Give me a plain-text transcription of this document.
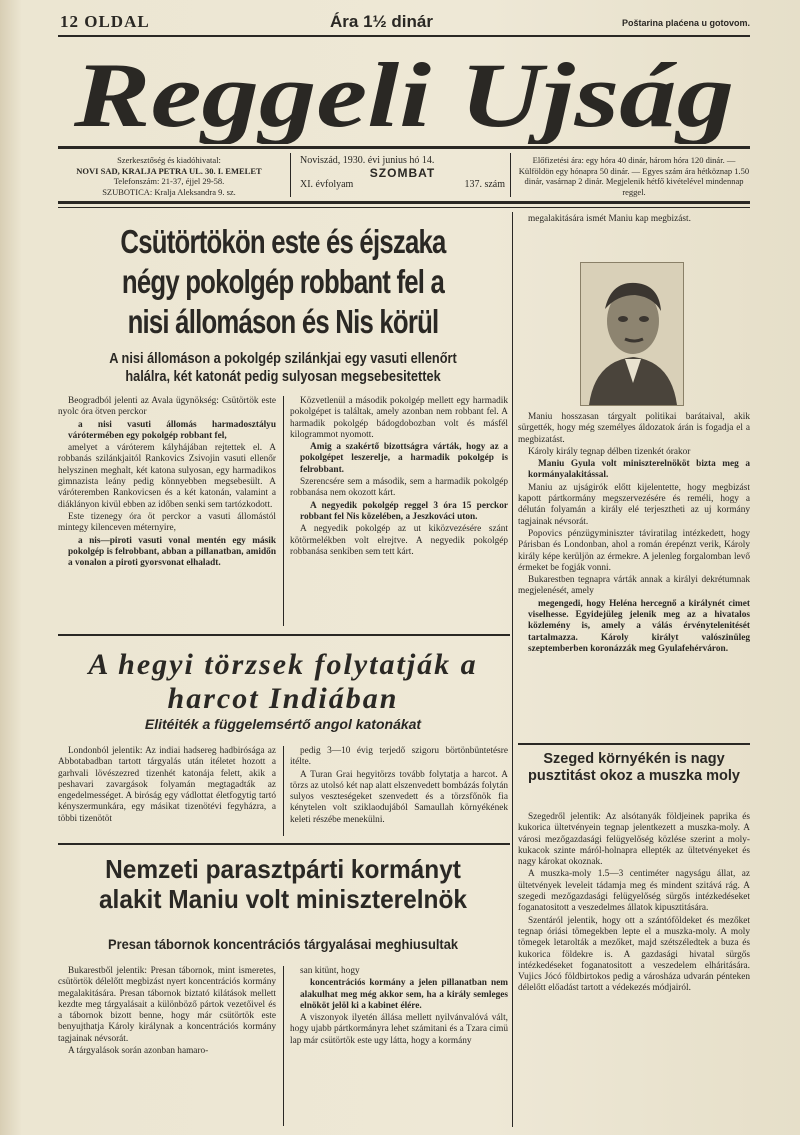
12 OLDAL	Ára 1½ dinár	Poštarina plaćena u gotovom.
Reggeli Ujság
Szerkesztőség és kiadóhivatal:
NOVI SAD, KRALJA PETRA UL. 30. I. EMELET
Telefonszám: 21-37, éjjel 29-58.
SZUBOTICA: Kralja Aleksandra 9. sz.
Noviszád, 1930. évi junius hó 14.
SZOMBAT
XI. évfolyam	137. szám
Előfizetési ára: egy hóra 40 dinár, három hóra 120 dinár. — Külföldön egy hónapra 50 dinár. — Egyes szám ára hétköznap 1.50 dinár, vasárnap 2 dinár. Megjelenik hétfő kivételével mindennap reggel.
Csütörtökön este és éjszaka négy pokolgép robbant fel a nisi állomáson és Nis körül
A nisi állomáson a pokolgép szilánkjai egy vasuti ellenőrt halálra, két katonát pedig sulyosan megsebesitettek

Beogradból jelenti az Avala ügynökség: Csütörtök este nyolc óra ötven perckor

a nisi vasuti állomás harmadosztályu várótermében egy pokolgép robbant fel,

amelyet a váróterem kályhájában rejtettek el. A robbanás szilánkjaitól Rankovics Zsivojin vasuti ellenőr helyszinen meghalt, két katona sulyosan, egy harmadikos gimnazista leány pedig könnyebben megsebesült. A váróteremben Rankovicsen és a két katonán, valamint a diáklányon kivül ebben az időben senki sem tartózkodott.

Este tizenegy óra öt perckor a vasuti állomástól mintegy kilenceven méternyire,

a nis—piroti vasuti vonal mentén egy másik pokolgép is felrobbant, abban a pillanatban, amidőn a vonalon a piroti gyorsvonat elhaladt.

Közvetlenül a második pokolgép mellett egy harmadik pokolgépet is találtak, amely azonban nem robbant fel. A harmadik pokolgép bádogdobozban volt és másfél kilogrammot nyomott.

Amig a szakértő bizottságra várták, hogy az a pokolgépet leszerelje, a harmadik pokolgép is felrobbant.

Szerencsére sem a második, sem a harmadik pokolgép robbanása nem okozott kárt.

A negyedik pokolgép reggel 3 óra 15 perckor robbant fel Nis közelében, a Jeszkováci uton.

A negyedik pokolgép az ut kiközvezésére szánt kötörmelékben volt elrejtve. A negyedik pokolgép robbanása senkiben sem tett kárt.

A hegyi törzsek folytatják a harcot Indiában
Elitéiték a függelemsértő angol katonákat

Londonból jelentik: Az indiai hadsereg hadbirósága az Abbotabadban tartott tárgyalás után itéletet hozott a garhvali lövészezred tizenhét katonája felett, akik a peshavari zavargások folyamán megtagadták az engedelmességet. A biróság egy vádlottat életfogytig tartó kényszermunkára, egy másikat tizenötévi fegyházra, a többi tizenötöt

pedig 3—10 évig terjedő szigoru börtönbüntetésre itélte.

A Turan Grai hegyitörzs tovább folytatja a harcot. A törzs az utolsó két nap alatt elszenvedett bombázás folytán sulyos veszteségeket szenvedett és a törzsfőnök fia kénytelen volt sziklaodujából Samaullah környékének keleti részébe menekülni.

Nemzeti parasztpárti kormányt alakit Maniu volt miniszterelnök
Presan tábornok koncentrációs tárgyalásai meghiusultak

Bukarestből jelentik: Presan tábornok, mint ismeretes, csütörtök délelőtt megbizást nyert koncentrációs kormány megalakitására. Presan tábornok biztató kilátások mellett kezdte meg tárgyalásait a különböző pártok vezetőivel és a tábornok bizott benne, hogy már csütörtök este benyujthatja Károly királynak a koncentrációs kormány tagjainak névsorát.

A tárgyalások során azonban hamaro-

san kitünt, hogy

koncentrációs kormány a jelen pillanatban nem alakulhat meg még akkor sem, ha a király semleges elnököt jelöl ki a kabinet élére.

A viszonyok ilyetén állása mellett nyilvánvalóvá vált, hogy ujabb pártkormányra lehet számitani és a Tzara cimü lap már csütörtök este ugy látta, hogy a kormány

megalakitására ismét Maniu kap megbizást.

Maniu hosszasan tárgyalt politikai barátaival, akik sürgették, hogy még személyes áldozatok árán is fogadja el a megbizatást.

Károly király tegnap délben tizenkét órakor

Maniu Gyula volt miniszterelnököt bizta meg a kormányalakitással.

Maniu az ujságirók előtt kijelentette, hogy megbizást kapott pártkormány megszervezésére és reméli, hogy a délután folyamán a király elé terjesztheti az uj kormány tagjainak névsorát.

Popovics pénzügyminiszter táviratilag intézkedett, hogy Párisban és Londonban, ahol a román érepénzt verik, Károly király képe kerüljön az érmekre. A jelenleg forgalomban levő érmeket be fogják vonni.

Bukarestben tegnapra várták annak a királyi dekrétumnak megjelenését, amely

megengedi, hogy Heléna hercegnő a királynét cimet viselhesse. Egyidejüleg jelenik meg az a hivatalos közlemény is, amely a válás érvénytelenitését tartalmazza. Károly királyt valószinüleg szeptemberben koronázzák meg Gyulafehérváron.

Szeged környékén is nagy pusztitást okoz a muszka moly

Szegedről jelentik: Az alsótanyák földjeinek paprika és kukorica ültetvényein tegnap jelentkezett a muszka-moly. A városi mezőgazdasági felügyelőség közlése szerint a moly-kukacok szinte máról-holnapra ellepték az ültetvényeket és nagy károkat okoznak.

A muszka-moly 1.5—3 centiméter nagyságu állat, az ültetvények leveleit tádamja meg és mindent szitává rág. A szegedi mezőgazdasági felügyelőség sürgős intézkedéseket foganatositott a veszedelmes állatok kipusztitására.

Szentáról jelentik, hogy ott a szántóföldeket és mezőket tegnap óriási tömegekben lepte el a muszka-moly. A moly tömegek letarolták a mezőket, majd szétszéledtek a buza és kukorica földekre is. A gazdasági hivatal sürgős intézkedéseket foganatositott a veszedelem elháritására. Vujics Jócó földbirtokos pedig a városháza udvarán pénteken délelőtt előadást tartott a védekezés módjairól.
